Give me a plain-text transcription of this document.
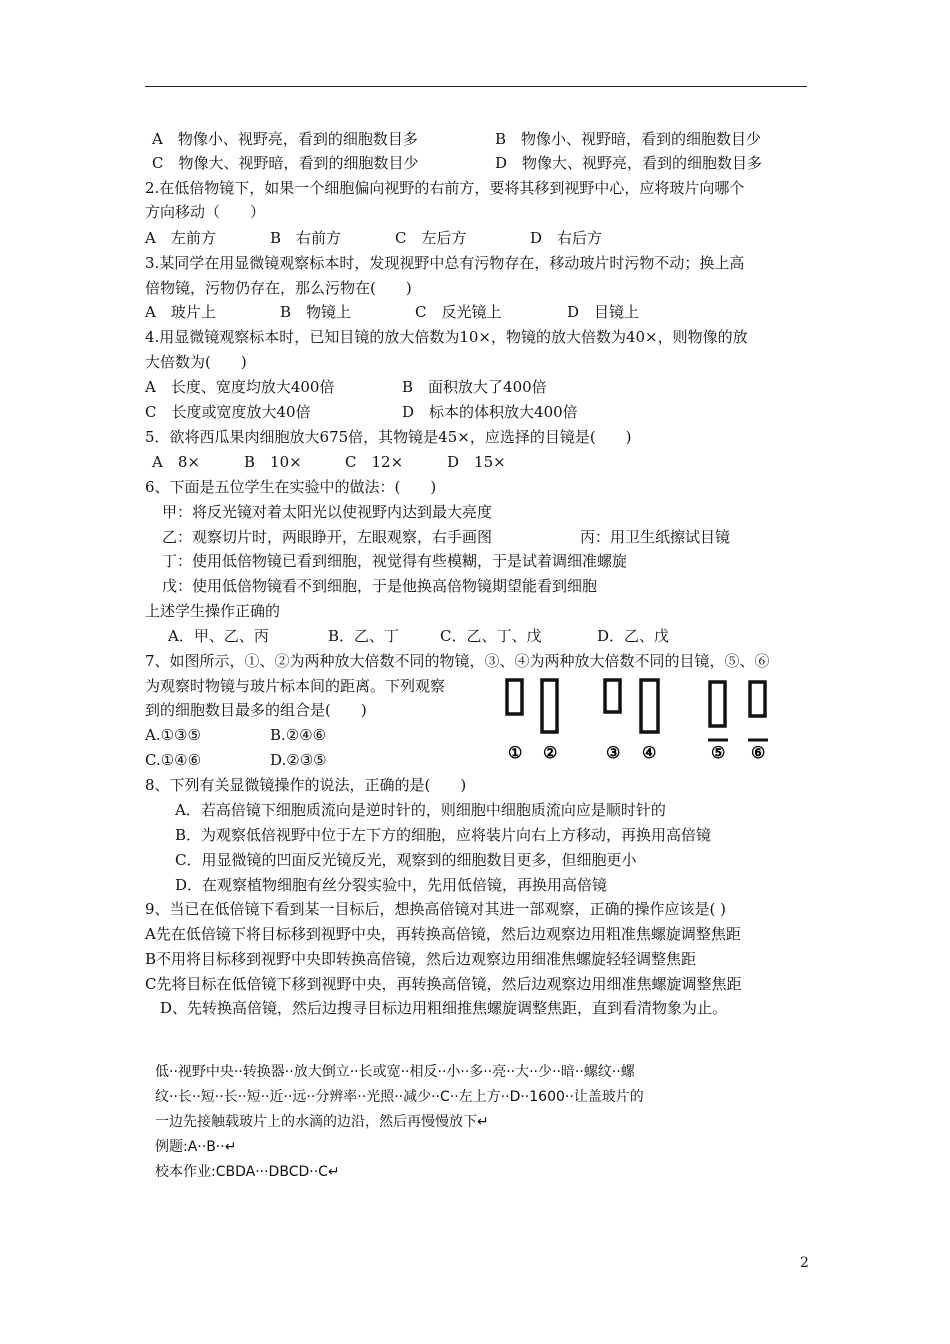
A　物像小、视野亮，看到的细胞数目多	B　物像小、视野暗，看到的细胞数目少
C　物像大、视野暗，看到的细胞数目少	D　物像大、视野亮，看到的细胞数目多
2.在低倍物镜下，如果一个细胞偏向视野的右前方，要将其移到视野中心，应将玻片向哪个
方向移动（　　）
A　左前方	B　右前方	C　左后方	D　右后方
3.某同学在用显微镜观察标本时，发现视野中总有污物存在，移动玻片时污物不动；换上高
倍物镜，污物仍存在，那么污物在(　　)
A　玻片上	B　物镜上	C　反光镜上	D　目镜上
4.用显微镜观察标本时，已知目镜的放大倍数为10×，物镜的放大倍数为40×，则物像的放
大倍数为(　　)
A　长度、宽度均放大400倍	B　面积放大了400倍
C　长度或宽度放大40倍	D　标本的体积放大400倍
5．欲将西瓜果肉细胞放大675倍，其物镜是45×，应选择的目镜是(　　)
A　8×	B　10×	C　12×	D　15×
6、下面是五位学生在实验中的做法：(　　)
甲：将反光镜对着太阳光以使视野内达到最大亮度
乙：观察切片时，两眼睁开，左眼观察，右手画图	丙：用卫生纸擦试目镜
丁：使用低倍物镜已看到细胞，视觉得有些模糊，于是试着调细准螺旋
戊：使用低倍物镜看不到细胞，于是他换高倍物镜期望能看到细胞
上述学生操作正确的
A．甲、乙、丙	B．乙、丁	C．乙、丁、戊	D．乙、戊
7、如图所示，①、②为两种放大倍数不同的物镜，③、④为两种放大倍数不同的目镜，⑤、⑥
为观察时物镜与玻片标本间的距离。下列观察
到的细胞数目最多的组合是(　　)
A.①③⑤	B.②④⑥
C.①④⑥	D.②③⑤
8、下列有关显微镜操作的说法，正确的是(　　)
A．若高倍镜下细胞质流向是逆时针的，则细胞中细胞质流向应是顺时针的
B．为观察低倍视野中位于左下方的细胞，应将装片向右上方移动，再换用高倍镜
C．用显微镜的凹面反光镜反光，观察到的细胞数目更多，但细胞更小
D．在观察植物细胞有丝分裂实验中，先用低倍镜，再换用高倍镜
9、当已在低倍镜下看到某一目标后，想换高倍镜对其进一部观察，正确的操作应该是( )
A先在低倍镜下将目标移到视野中央，再转换高倍镜，然后边观察边用粗准焦螺旋调整焦距
B不用将目标移到视野中央即转换高倍镜，然后边观察边用细准焦螺旋轻轻调整焦距
C先将目标在低倍镜下移到视野中央，再转换高倍镜，然后边观察边用细准焦螺旋调整焦距
D、先转换高倍镜，然后边搜寻目标边用粗细推焦螺旋调整焦距，直到看清物象为止。
① ②	③ ④	⑤ ⑥
低··视野中央··转换器··放大倒立··长或宽··相反··小··多··亮··大··少··暗··螺纹··螺
纹··长··短··长··短··近··远··分辨率··光照··减少··C··左上方··D··1600··让盖玻片的
一边先接触载玻片上的水滴的边沿，然后再慢慢放下↵
例题:A··B··↵
校本作业:CBDA···DBCD··C↵
2
